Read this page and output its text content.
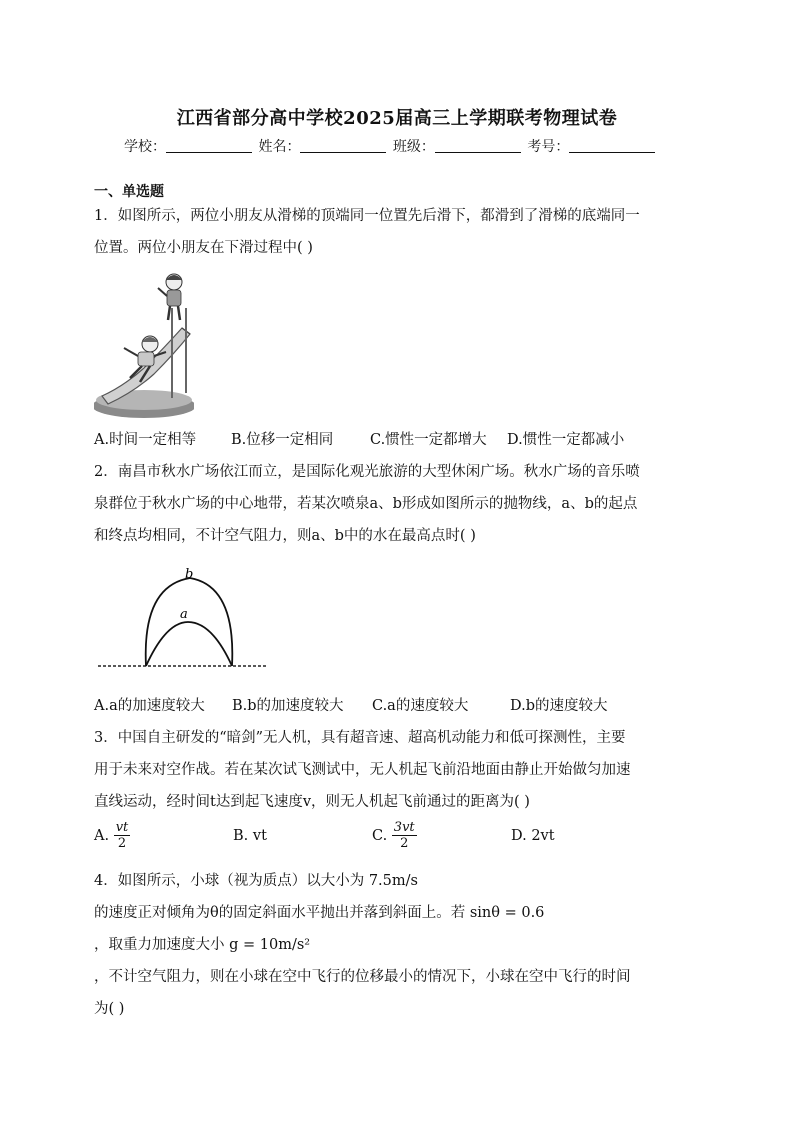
江西省部分高中学校2025届高三上学期联考物理试卷
学校：	姓名：	班级：	考号：
一、单选题
1．如图所示，两位小朋友从滑梯的顶端同一位置先后滑下，都滑到了滑梯的底端同一
位置。两位小朋友在下滑过程中( )
A.时间一定相等 B.位移一定相同	C.惯性一定都增大 D.惯性一定都减小
2．南昌市秋水广场依江而立，是国际化观光旅游的大型休闲广场。秋水广场的音乐喷
泉群位于秋水广场的中心地带，若某次喷泉a、b形成如图所示的抛物线，a、b的起点
和终点均相同，不计空气阻力，则a、b中的水在最高点时( )
b
a
A.a的加速度较大 B.b的加速度较大 C.a的速度较大	D.b的速度较大
3．中国自主研发的“暗剑”无人机，具有超音速、超高机动能力和低可探测性，主要
用于未来对空作战。若在某次试飞测试中，无人机起飞前沿地面由静止开始做匀加速
直线运动，经时间t达到起飞速度v，则无人机起飞前通过的距离为( )
A. $\frac{vt}{2}$	B. vt	C. $\frac{3vt}{2}$	D. 2vt
4．如图所示，小球（视为质点）以大小为 7.5m/s
的速度正对倾角为θ的固定斜面水平抛出并落到斜面上。若 sinθ = 0.6
，取重力加速度大小 g = 10m/s²
，不计空气阻力，则在小球在空中飞行的位移最小的情况下，小球在空中飞行的时间
为( )
